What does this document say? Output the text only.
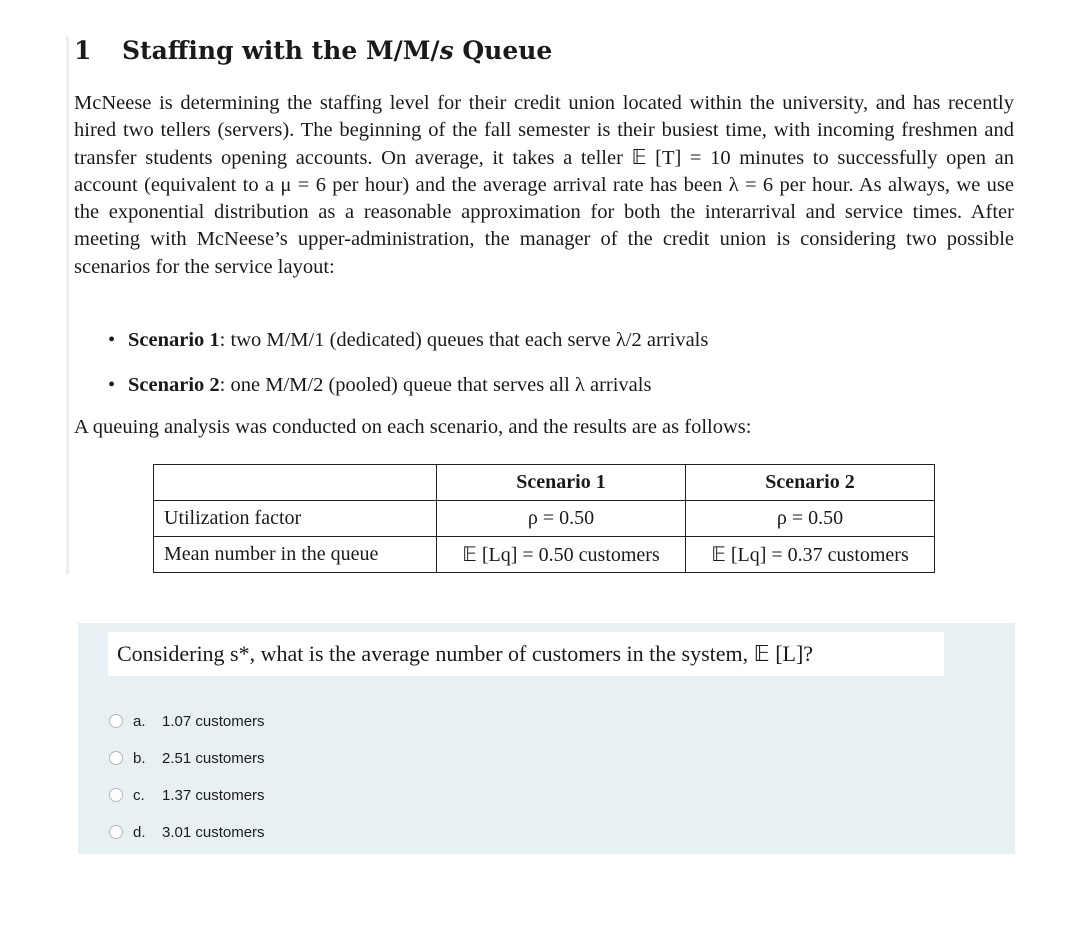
1 Staffing with the M/M/s Queue

McNeese is determining the staffing level for their credit union located within the university, and has recently hired two tellers (servers). The beginning of the fall semester is their busiest time, with incoming freshmen and transfer students opening accounts. On average, it takes a teller 𝔼 [T] = 10 minutes to successfully open an account (equivalent to a μ = 6 per hour) and the average arrival rate has been λ = 6 per hour. As always, we use the exponential distribution as a reasonable approximation for both the interarrival and service times. After meeting with McNeese’s upper-administration, the manager of the credit union is considering two possible scenarios for the service layout:

• Scenario 1: two M/M/1 (dedicated) queues that each serve λ/2 arrivals
• Scenario 2: one M/M/2 (pooled) queue that serves all λ arrivals

A queuing analysis was conducted on each scenario, and the results are as follows:

	Scenario 1	Scenario 2
Utilization factor	ρ = 0.50	ρ = 0.50
Mean number in the queue	𝔼 [Lq] = 0.50 customers	𝔼 [Lq] = 0.37 customers
Considering s*, what is the average number of customers in the system, 𝔼 [L]?
a.	1.07 customers
b.	2.51 customers
c.	1.37 customers
d.	3.01 customers
